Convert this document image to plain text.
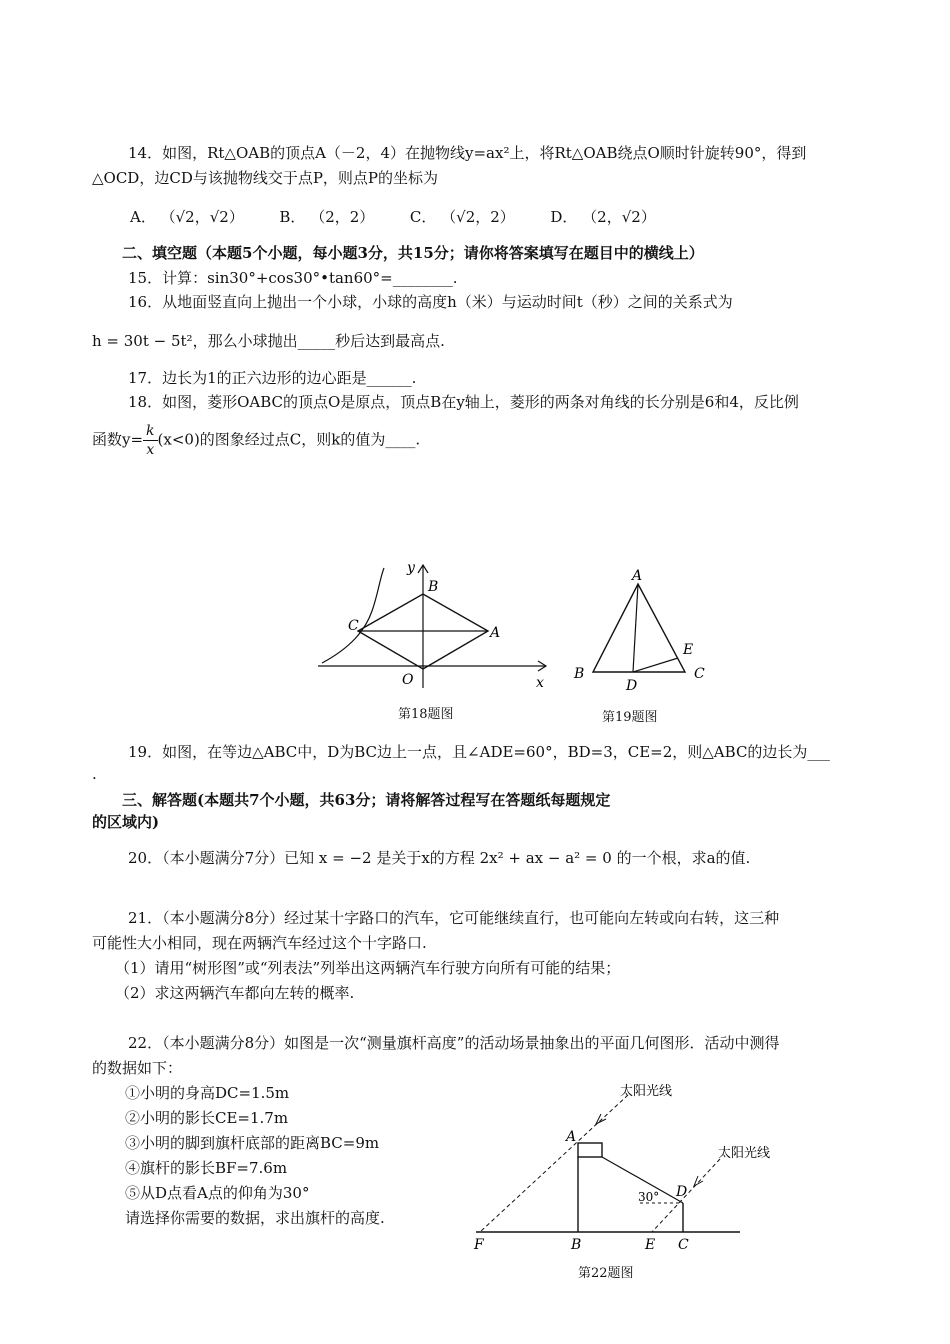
14．如图，Rt△OAB的顶点A（－2，4）在抛物线y=ax²上，将Rt△OAB绕点O顺时针旋转90°，得到
△OCD，边CD与该抛物线交于点P，则点P的坐标为
A． （√2，√2） B． （2，2） C． （√2，2） D． （2，√2）
二、填空题（本题5个小题，每小题3分，共15分；请你将答案填写在题目中的横线上）
15．计算：sin30°+cos30°•tan60°=________.
16．从地面竖直向上抛出一个小球，小球的高度h（米）与运动时间t（秒）之间的关系式为
h = 30t − 5t²，那么小球抛出_____秒后达到最高点.
17．边长为1的正六边形的边心距是______.
18．如图，菱形OABC的顶点O是原点，顶点B在y轴上，菱形的两条对角线的长分别是6和4，反比例
函数$y= \frac{k}{x} (x<0)$的图象经过点C，则k的值为____.
y
x
B
C	A
O
第18题图
A
B	C
D
E
第19题图
19．如图，在等边△ABC中，D为BC边上一点，且∠ADE=60°，BD=3，CE=2，则△ABC的边长为___
.
三、解答题(本题共7个小题，共63分；请将解答过程写在答题纸每题规定
的区域内)
20．（本小题满分7分）已知 x = −2 是关于x的方程 2x² + ax − a² = 0 的一个根，求a的值.
21．（本小题满分8分）经过某十字路口的汽车，它可能继续直行，也可能向左转或向右转，这三种
可能性大小相同，现在两辆汽车经过这个十字路口.
（1）请用“树形图”或“列表法”列举出这两辆汽车行驶方向所有可能的结果；
（2）求这两辆汽车都向左转的概率.
22．（本小题满分8分）如图是一次“测量旗杆高度”的活动场景抽象出的平面几何图形．活动中测得
的数据如下：
①小明的身高DC=1.5m
②小明的影长CE=1.7m
③小明的脚到旗杆底部的距离BC=9m
④旗杆的影长BF=7.6m
⑤从D点看A点的仰角为30°
请选择你需要的数据，求出旗杆的高度.
太阳光线
太阳光线
30°
A
D
F	B	E C
第22题图
